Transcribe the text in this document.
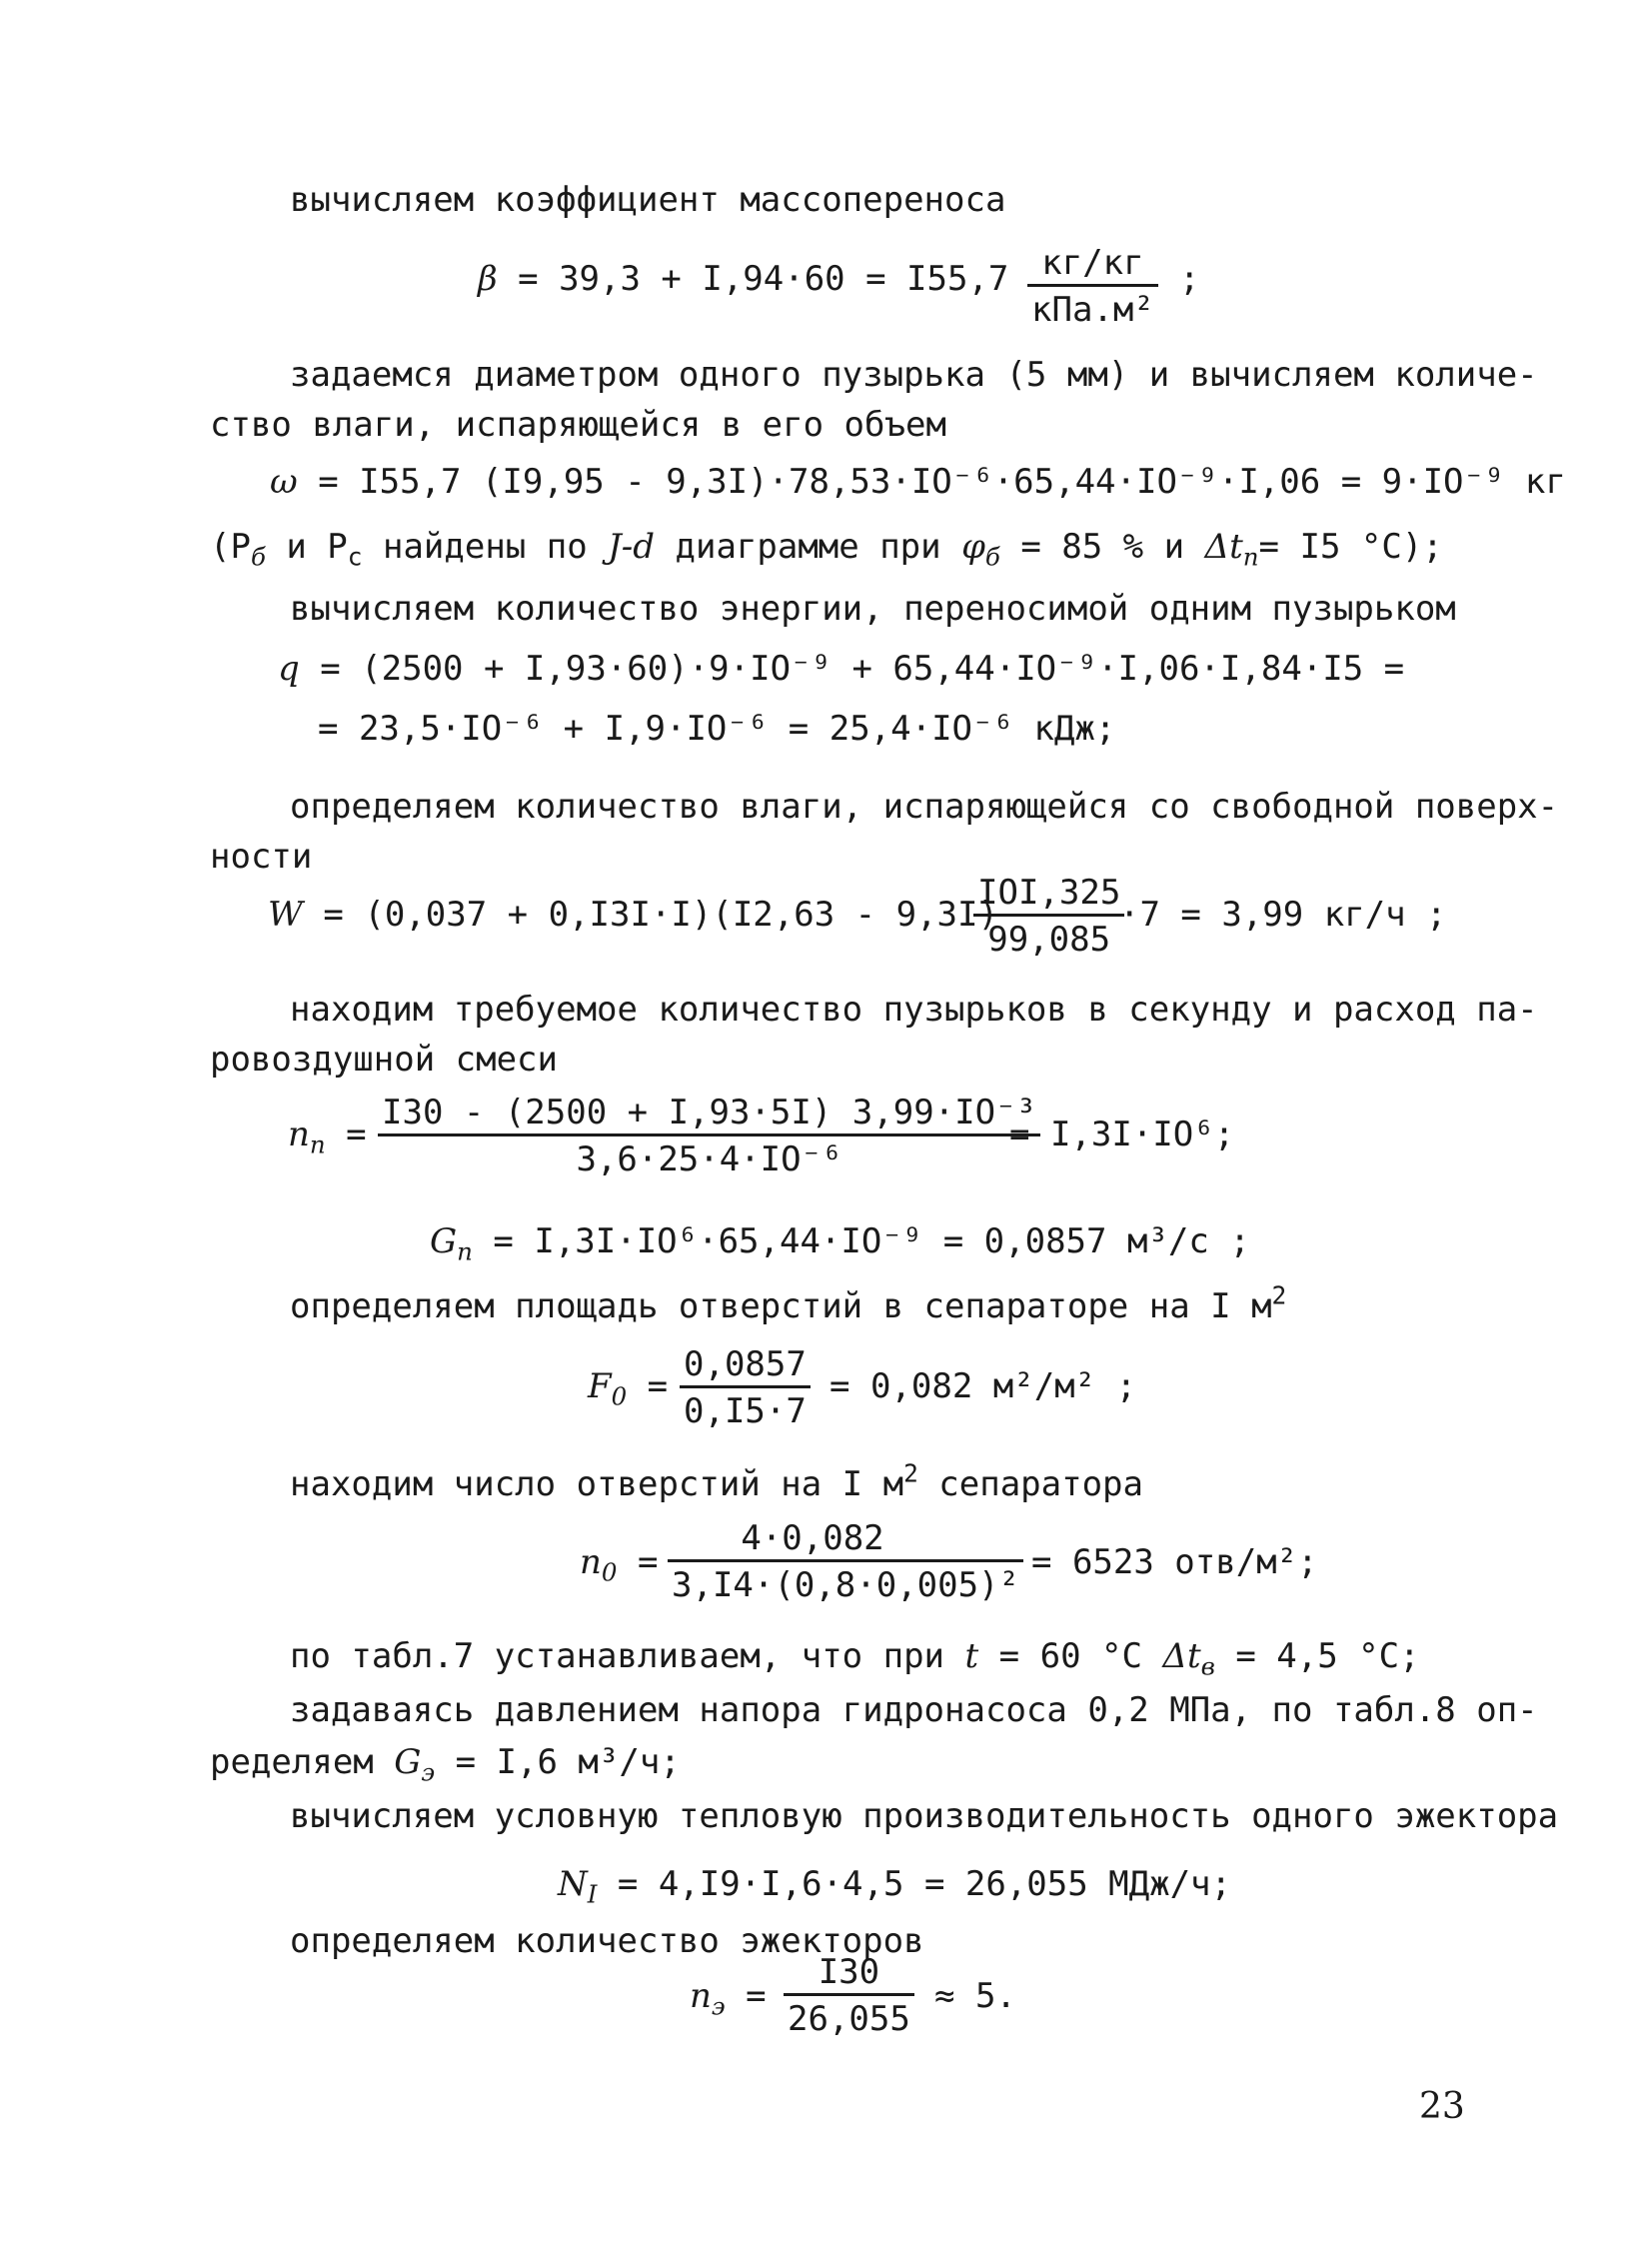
вычисляем коэффициент массопереноса
β = 39,3 + I,94·60 = I55,7 кг/кг
кПа.м²
;
задаемся диаметром одного пузырька (5 мм) и вычисляем количе-
ство влаги, испаряющейся в его объем
ω = I55,7 (I9,95 - 9,3I)·78,53·IO⁻⁶·65,44·IO⁻⁹·I,06 = 9·IO⁻⁹ кг
($P_б$ и $P_с$ найдены по J-d диаграмме при $\varphi_б = 85$ % и $\Delta t_п= I5$ °С);
вычисляем количество энергии, переносимой одним пузырьком
q = (2500 + I,93·60)·9·IO⁻⁹ + 65,44·IO⁻⁹·I,06·I,84·I5 =
= 23,5·IO⁻⁶ + I,9·IO⁻⁶ = 25,4·IO⁻⁶ кДж;
определяем количество влаги, испаряющейся со свободной поверх-
ности
W = (0,037 + 0,I3I·I)(I2,63 - 9,3I)
IOI,325
99,085
·7 = 3,99 кг/ч ;
находим требуемое количество пузырьков в секунду и расход па-
ровоздушной смеси
$n_п = \frac{\text{I30 - (2500 + I,93·5I) 3,99·IO⁻³}}{\text{3,6·25·4·IO⁻⁶}}$
= I,3I·IO⁶;
$G_п = I,3I\cdot IO^6\cdot 65,44\cdot IO^{-9} = 0,0857$ м³/с ;
определяем площадь отверстий в сепараторе на I $м^2$
$F_0 = \frac{0,0857}{0,I5\cdot 7} = 0,082$ м²/м² ;
находим число отверстий на I $м^2$ сепаратора
$n_0 = \frac{4\cdot 0,082}{\text{3,I4·(0,8·0,005)²}} = 6523$ отв/м²;
по табл.7 устанавливаем, что при t = 60 °С $\Delta t_в = 4,5$ °С;
задаваясь давлением напора гидронасоса 0,2 МПа, по табл.8 оп-
ределяем $G_э = I,6$ м³/ч;
вычисляем условную тепловую производительность одного эжектора
$N_I = 4,I9\cdot I,6\cdot 4,5 = 26,055$ МДж/ч;
определяем количество эжекторов
$n_э = \frac{I30}{26,055} \approx 5$.
23
